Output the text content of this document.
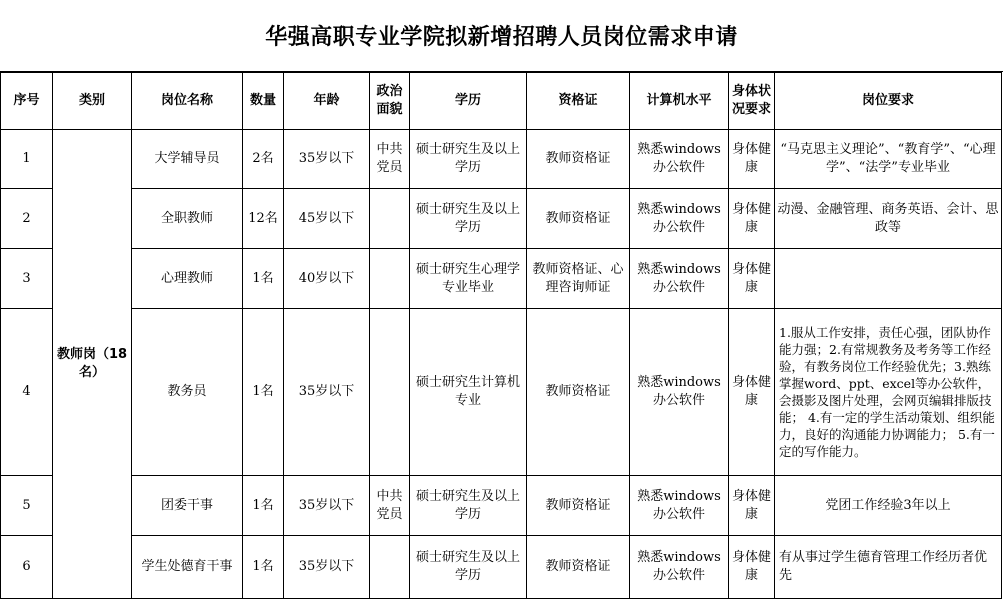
华强高职专业学院拟新增招聘人员岗位需求申请
序号	类别	岗位名称	数量	年龄	政治面貌	学历	资格证	计算机水平	身体状况要求	岗位要求
1	教师岗（18名）	大学辅导员	2名	35岁以下	中共党员	硕士研究生及以上学历	教师资格证	熟悉windows办公软件	身体健康	“马克思主义理论”、“教育学”、“心理学”、“法学”专业毕业
2		全职教师	12名	45岁以下		硕士研究生及以上学历	教师资格证	熟悉windows办公软件	身体健康	动漫、金融管理、商务英语、会计、思政等
3		心理教师	1名	40岁以下		硕士研究生心理学专业毕业	教师资格证、心理咨询师证	熟悉windows办公软件	身体健康	
4		教务员	1名	35岁以下		硕士研究生计算机专业	教师资格证	熟悉windows办公软件	身体健康	1.服从工作安排，责任心强，团队协作能力强；2.有常规教务及考务等工作经验，有教务岗位工作经验优先；3.熟练掌握word、ppt、excel等办公软件，会摄影及图片处理，会网页编辑排版技能； 4.有一定的学生活动策划、组织能力，良好的沟通能力协调能力； 5.有一定的写作能力。
5		团委干事	1名	35岁以下	中共党员	硕士研究生及以上学历	教师资格证	熟悉windows办公软件	身体健康	党团工作经验3年以上
6		学生处德育干事	1名	35岁以下		硕士研究生及以上学历	教师资格证	熟悉windows办公软件	身体健康	有从事过学生德育管理工作经历者优先
